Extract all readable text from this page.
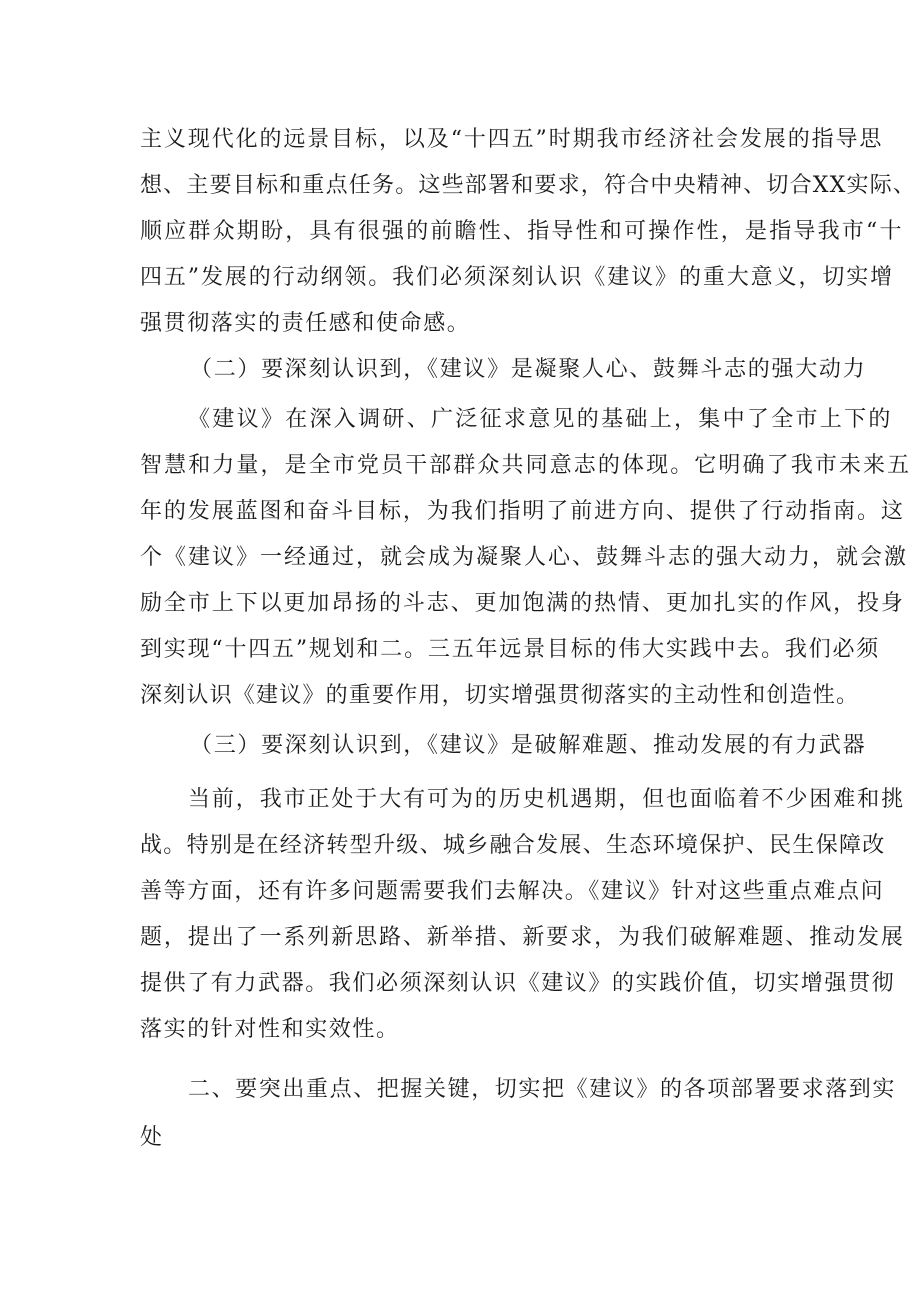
主义现代化的远景目标，以及“十四五”时期我市经济社会发展的指导思
想、主要目标和重点任务。这些部署和要求，符合中央精神、切合XX实际、
顺应群众期盼，具有很强的前瞻性、指导性和可操作性，是指导我市“十
四五”发展的行动纲领。我们必须深刻认识《建议》的重大意义，切实增
强贯彻落实的责任感和使命感。
（二）要深刻认识到，《建议》是凝聚人心、鼓舞斗志的强大动力
《建议》在深入调研、广泛征求意见的基础上，集中了全市上下的
智慧和力量，是全市党员干部群众共同意志的体现。它明确了我市未来五
年的发展蓝图和奋斗目标，为我们指明了前进方向、提供了行动指南。这
个《建议》一经通过，就会成为凝聚人心、鼓舞斗志的强大动力，就会激
励全市上下以更加昂扬的斗志、更加饱满的热情、更加扎实的作风，投身
到实现“十四五”规划和二。三五年远景目标的伟大实践中去。我们必须
深刻认识《建议》的重要作用，切实增强贯彻落实的主动性和创造性。
（三）要深刻认识到，《建议》是破解难题、推动发展的有力武器
当前，我市正处于大有可为的历史机遇期，但也面临着不少困难和挑
战。特别是在经济转型升级、城乡融合发展、生态环境保护、民生保障改
善等方面，还有许多问题需要我们去解决。《建议》针对这些重点难点问
题，提出了一系列新思路、新举措、新要求，为我们破解难题、推动发展
提供了有力武器。我们必须深刻认识《建议》的实践价值，切实增强贯彻
落实的针对性和实效性。
二、要突出重点、把握关键，切实把《建议》的各项部署要求落到实
处
